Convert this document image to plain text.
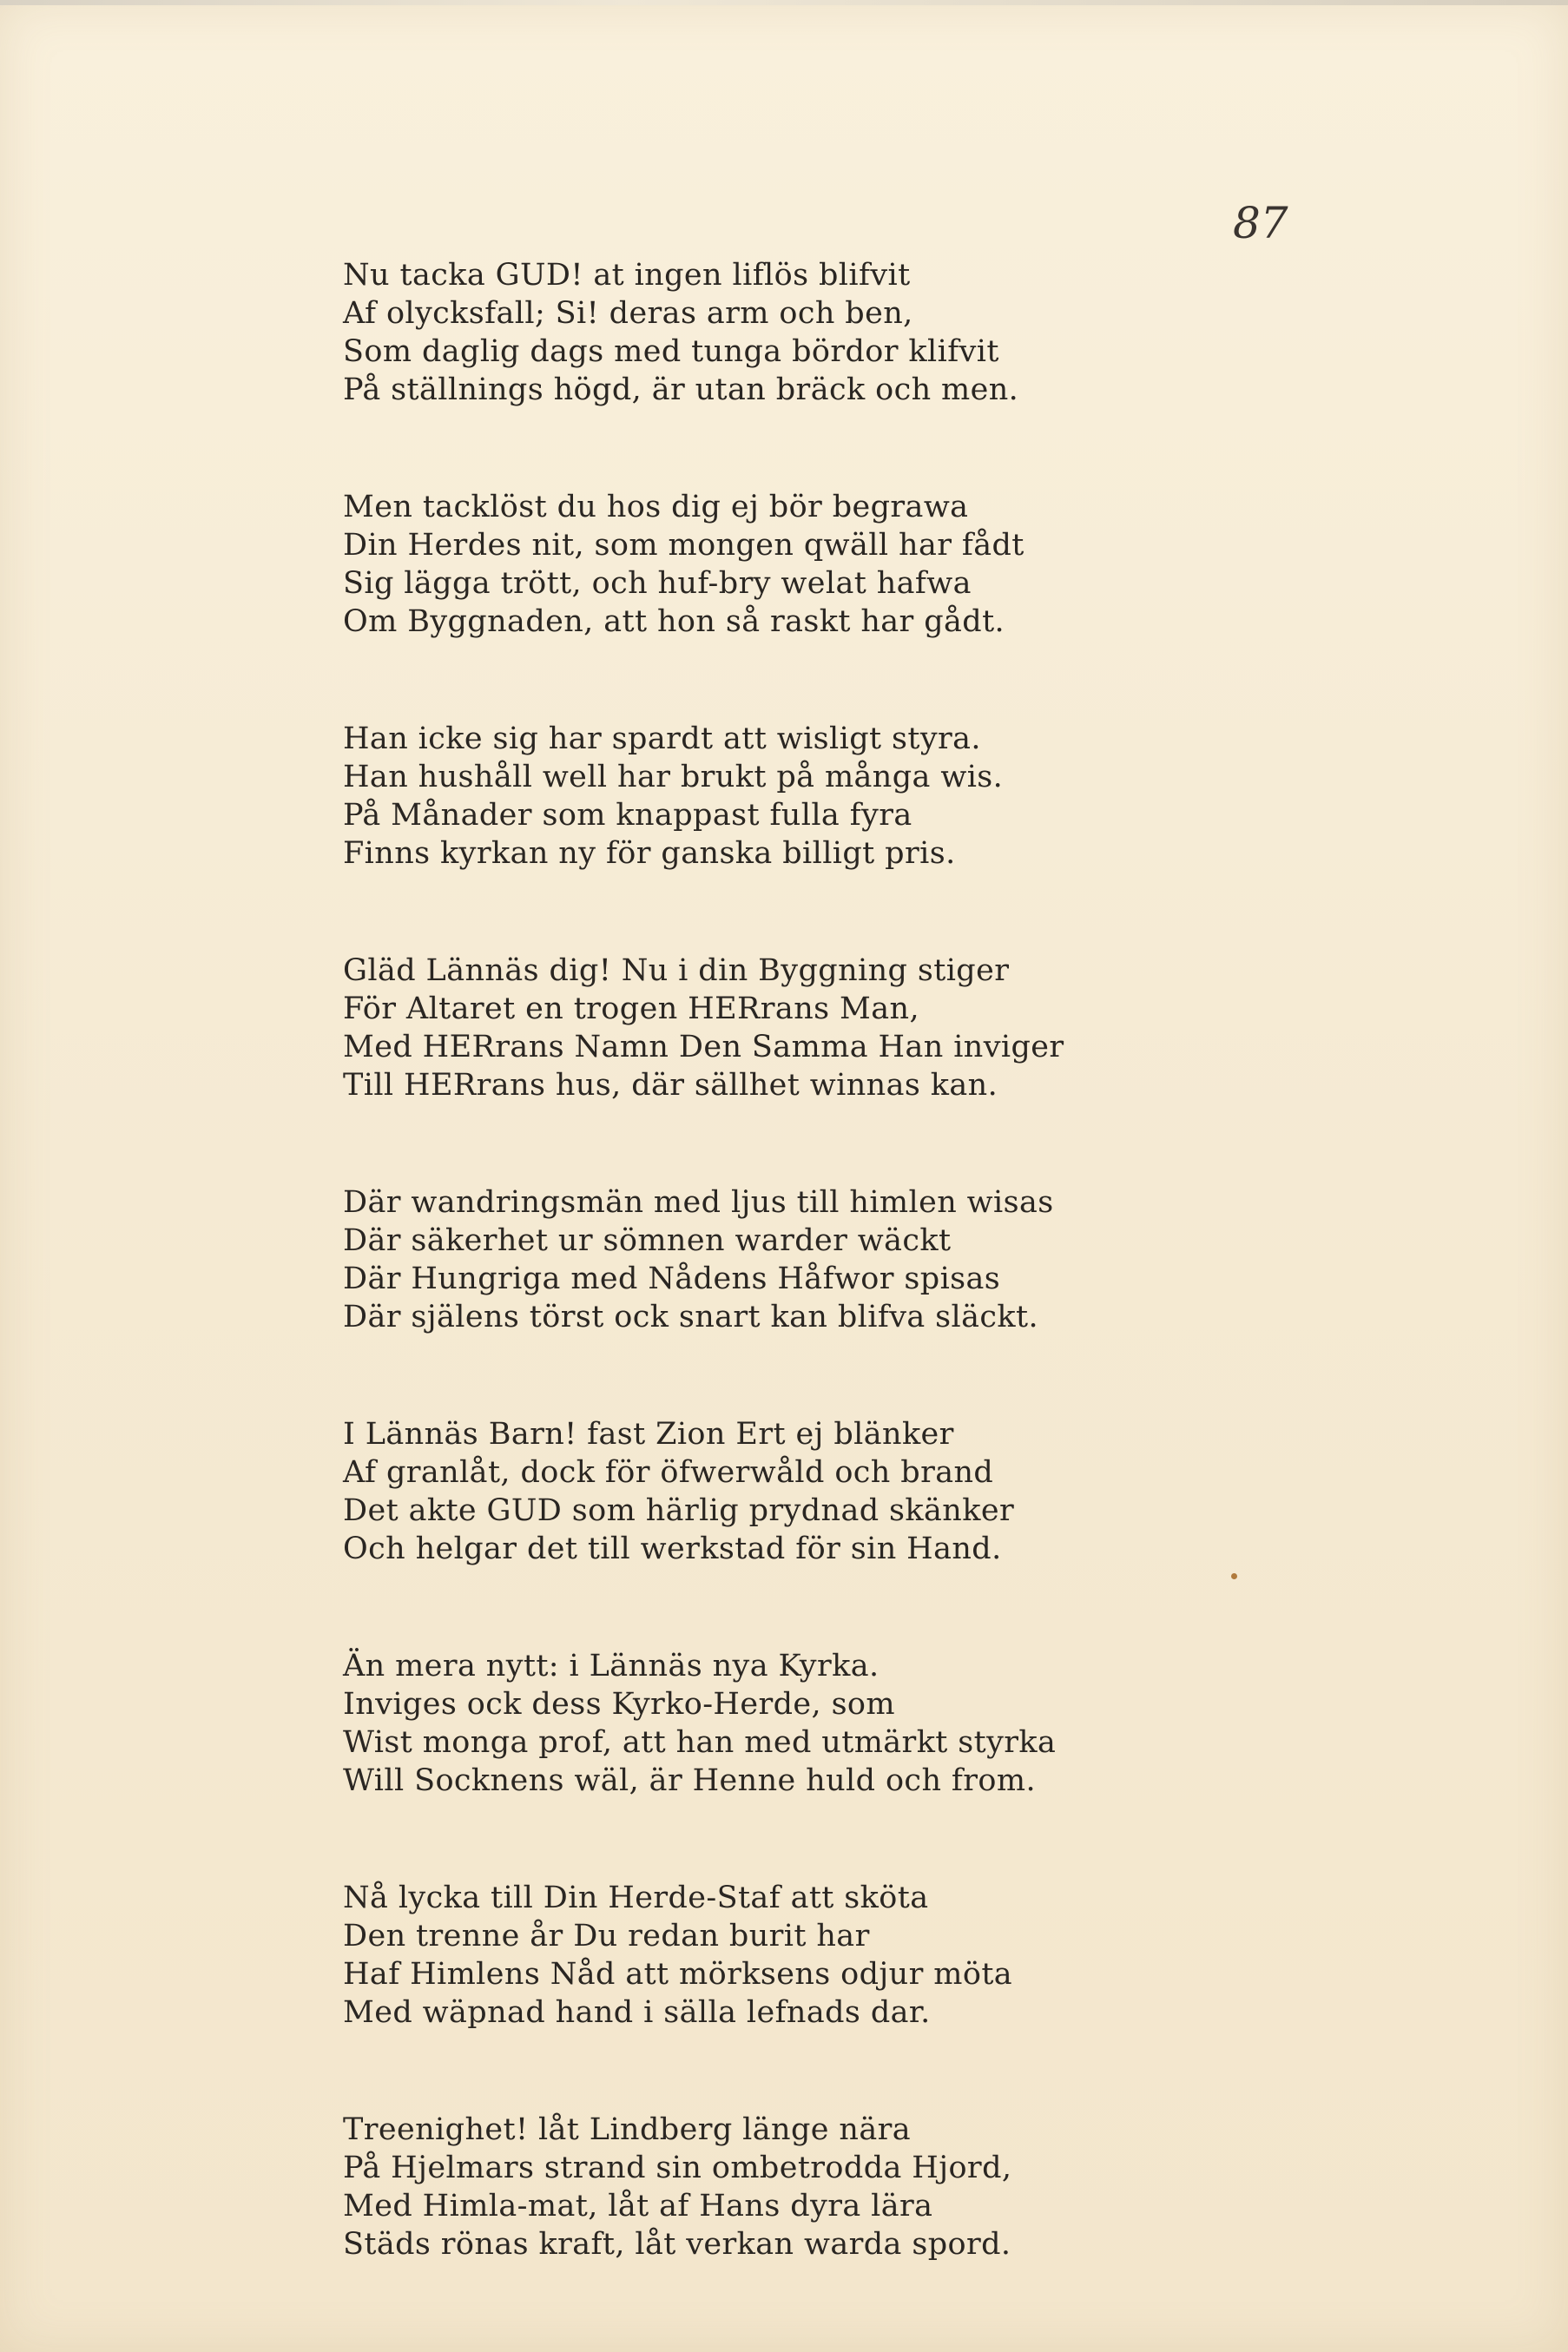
87
Nu tacka GUD! at ingen liflös blifvit
Af olycksfall; Si! deras arm och ben,
Som daglig dags med tunga bördor klifvit
På ställnings högd, är utan bräck och men.
Men tacklöst du hos dig ej bör begrawa
Din Herdes nit, som mongen qwäll har fådt
Sig lägga trött, och huf-bry welat hafwa
Om Byggnaden, att hon så raskt har gådt.
Han icke sig har spardt att wisligt styra.
Han hushåll well har brukt på många wis.
På Månader som knappast fulla fyra
Finns kyrkan ny för ganska billigt pris.
Gläd Lännäs dig! Nu i din Byggning stiger
För Altaret en trogen HERrans Man,
Med HERrans Namn Den Samma Han inviger
Till HERrans hus, där sällhet winnas kan.
Där wandringsmän med ljus till himlen wisas
Där säkerhet ur sömnen warder wäckt
Där Hungriga med Nådens Håfwor spisas
Där själens törst ock snart kan blifva släckt.
I Lännäs Barn! fast Zion Ert ej blänker
Af granlåt, dock för öfwerwåld och brand
Det akte GUD som härlig prydnad skänker
Och helgar det till werkstad för sin Hand.
Än mera nytt: i Lännäs nya Kyrka.
Inviges ock dess Kyrko-Herde, som
Wist monga prof, att han med utmärkt styrka
Will Socknens wäl, är Henne huld och from.
Nå lycka till Din Herde-Staf att sköta
Den trenne år Du redan burit har
Haf Himlens Nåd att mörksens odjur möta
Med wäpnad hand i sälla lefnads dar.
Treenighet! låt Lindberg länge nära
På Hjelmars strand sin ombetrodda Hjord,
Med Himla-mat, låt af Hans dyra lära
Städs rönas kraft, låt verkan warda spord.
